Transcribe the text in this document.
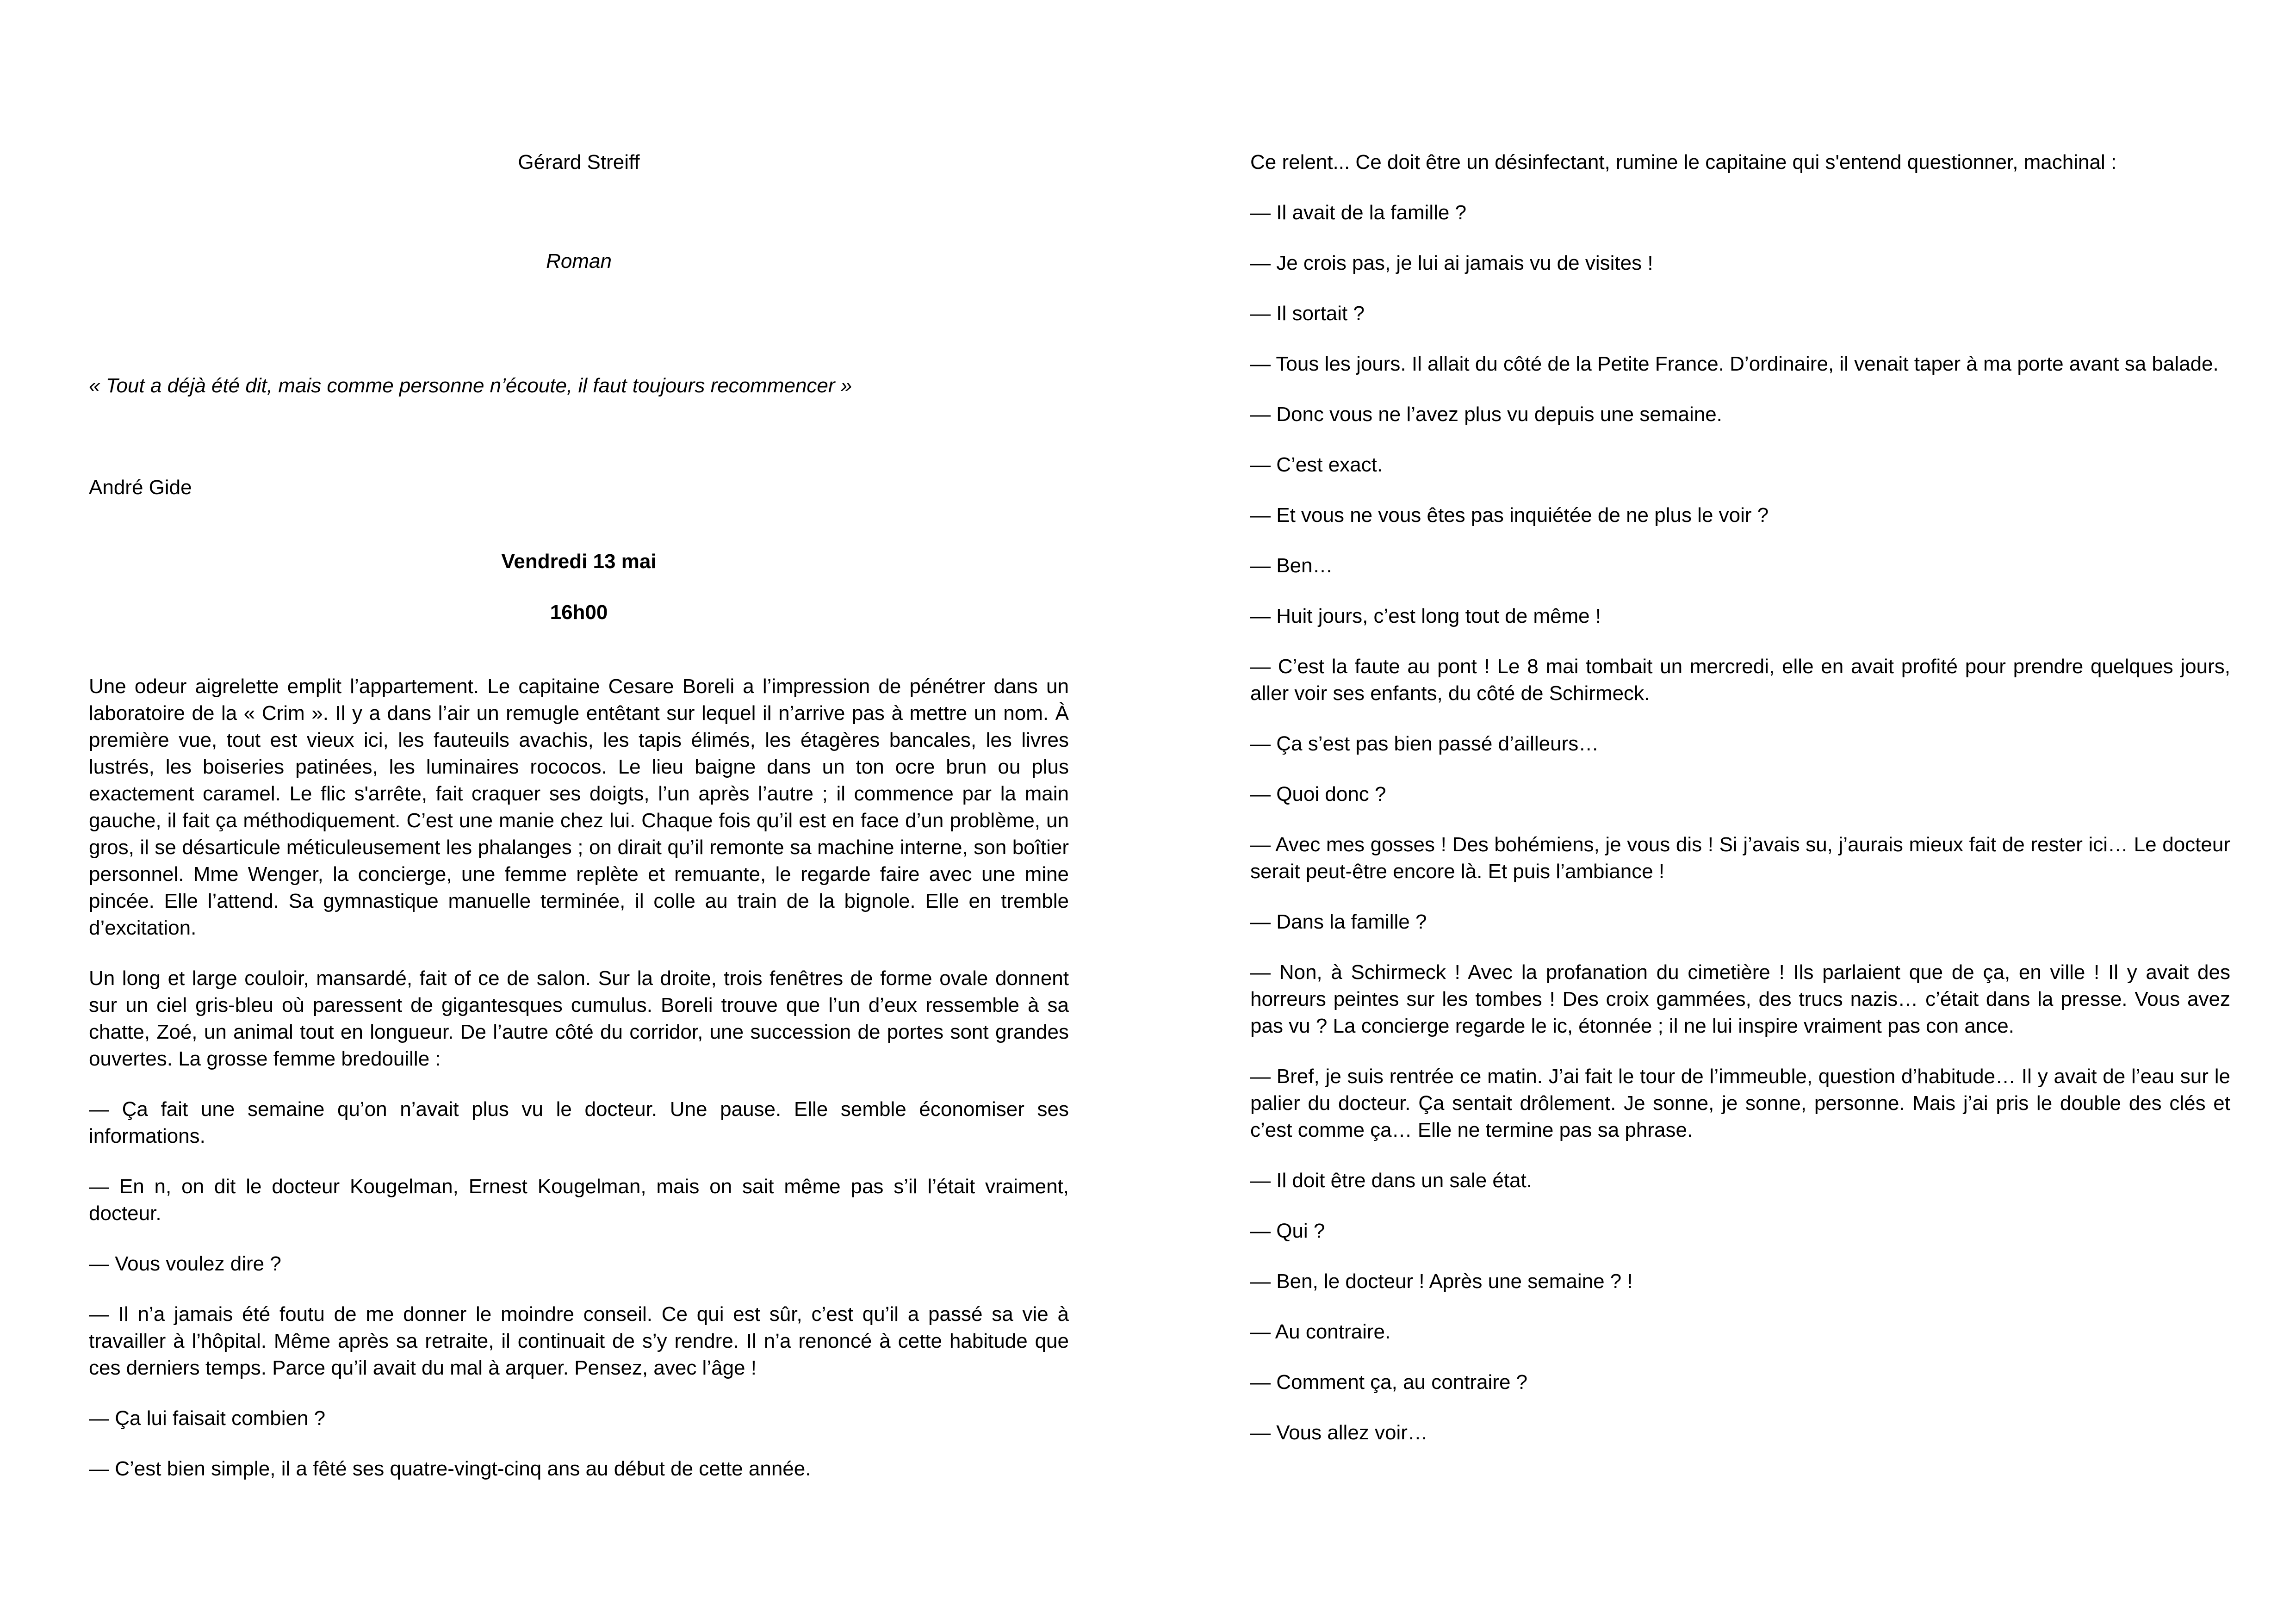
Gérard Streiff
Roman
« Tout a déjà été dit, mais comme personne n’écoute, il faut toujours recommencer »
André Gide
Vendredi 13 mai
16h00

Une odeur aigrelette emplit l’appartement. Le capitaine Cesare Boreli a l’impression de pénétrer dans un laboratoire de la « Crim ». Il y a dans l’air un remugle entêtant sur lequel il n’arrive pas à mettre un nom. À première vue, tout est vieux ici, les fauteuils avachis, les tapis élimés, les étagères bancales, les livres lustrés, les boiseries patinées, les luminaires rococos. Le lieu baigne dans un ton ocre brun ou plus exactement caramel. Le flic s'arrête, fait craquer ses doigts, l’un après l’autre ; il commence par la main gauche, il fait ça méthodiquement. C’est une manie chez lui. Chaque fois qu’il est en face d’un problème, un gros, il se désarticule méticuleusement les phalanges ; on dirait qu’il remonte sa machine interne, son boîtier personnel. Mme Wenger, la concierge, une femme replète et remuante, le regarde faire avec une mine pincée. Elle l’attend. Sa gymnastique manuelle terminée, il colle au train de la bignole. Elle en tremble d’excitation.

Un long et large couloir, mansardé, fait of ce de salon. Sur la droite, trois fenêtres de forme ovale donnent sur un ciel gris-bleu où paressent de gigantesques cumulus. Boreli trouve que l’un d’eux ressemble à sa chatte, Zoé, un animal tout en longueur. De l’autre côté du corridor, une succession de portes sont grandes ouvertes. La grosse femme bredouille :

— Ça fait une semaine qu’on n’avait plus vu le docteur. Une pause. Elle semble économiser ses informations.

— En n, on dit le docteur Kougelman, Ernest Kougelman, mais on sait même pas s’il l’était vraiment, docteur.

— Vous voulez dire ?

— Il n’a jamais été foutu de me donner le moindre conseil. Ce qui est sûr, c’est qu’il a passé sa vie à travailler à l’hôpital. Même après sa retraite, il continuait de s’y rendre. Il n’a renoncé à cette habitude que ces derniers temps. Parce qu’il avait du mal à arquer. Pensez, avec l’âge !

— Ça lui faisait combien ?

— C’est bien simple, il a fêté ses quatre-vingt-cinq ans au début de cette année.

Ce relent... Ce doit être un désinfectant, rumine le capitaine qui s'entend questionner, machinal :

— Il avait de la famille ?

— Je crois pas, je lui ai jamais vu de visites !

— Il sortait ?

— Tous les jours. Il allait du côté de la Petite France. D’ordinaire, il venait taper à ma porte avant sa balade.

— Donc vous ne l’avez plus vu depuis une semaine.

— C’est exact.

— Et vous ne vous êtes pas inquiétée de ne plus le voir ?

— Ben…

— Huit jours, c’est long tout de même !

— C’est la faute au pont ! Le 8 mai tombait un mercredi, elle en avait profité pour prendre quelques jours, aller voir ses enfants, du côté de Schirmeck.

— Ça s’est pas bien passé d’ailleurs…

— Quoi donc ?

— Avec mes gosses ! Des bohémiens, je vous dis ! Si j’avais su, j’aurais mieux fait de rester ici… Le docteur serait peut-être encore là. Et puis l’ambiance !

— Dans la famille ?

— Non, à Schirmeck ! Avec la profanation du cimetière ! Ils parlaient que de ça, en ville ! Il y avait des horreurs peintes sur les tombes ! Des croix gammées, des trucs nazis… c’était dans la presse. Vous avez pas vu ? La concierge regarde le ic, étonnée ; il ne lui inspire vraiment pas con ance.

— Bref, je suis rentrée ce matin. J’ai fait le tour de l’immeuble, question d’habitude… Il y avait de l’eau sur le palier du docteur. Ça sentait drôlement. Je sonne, je sonne, personne. Mais j’ai pris le double des clés et c’est comme ça… Elle ne termine pas sa phrase.

— Il doit être dans un sale état.

— Qui ?

— Ben, le docteur ! Après une semaine ? !

— Au contraire.

— Comment ça, au contraire ?

— Vous allez voir…
